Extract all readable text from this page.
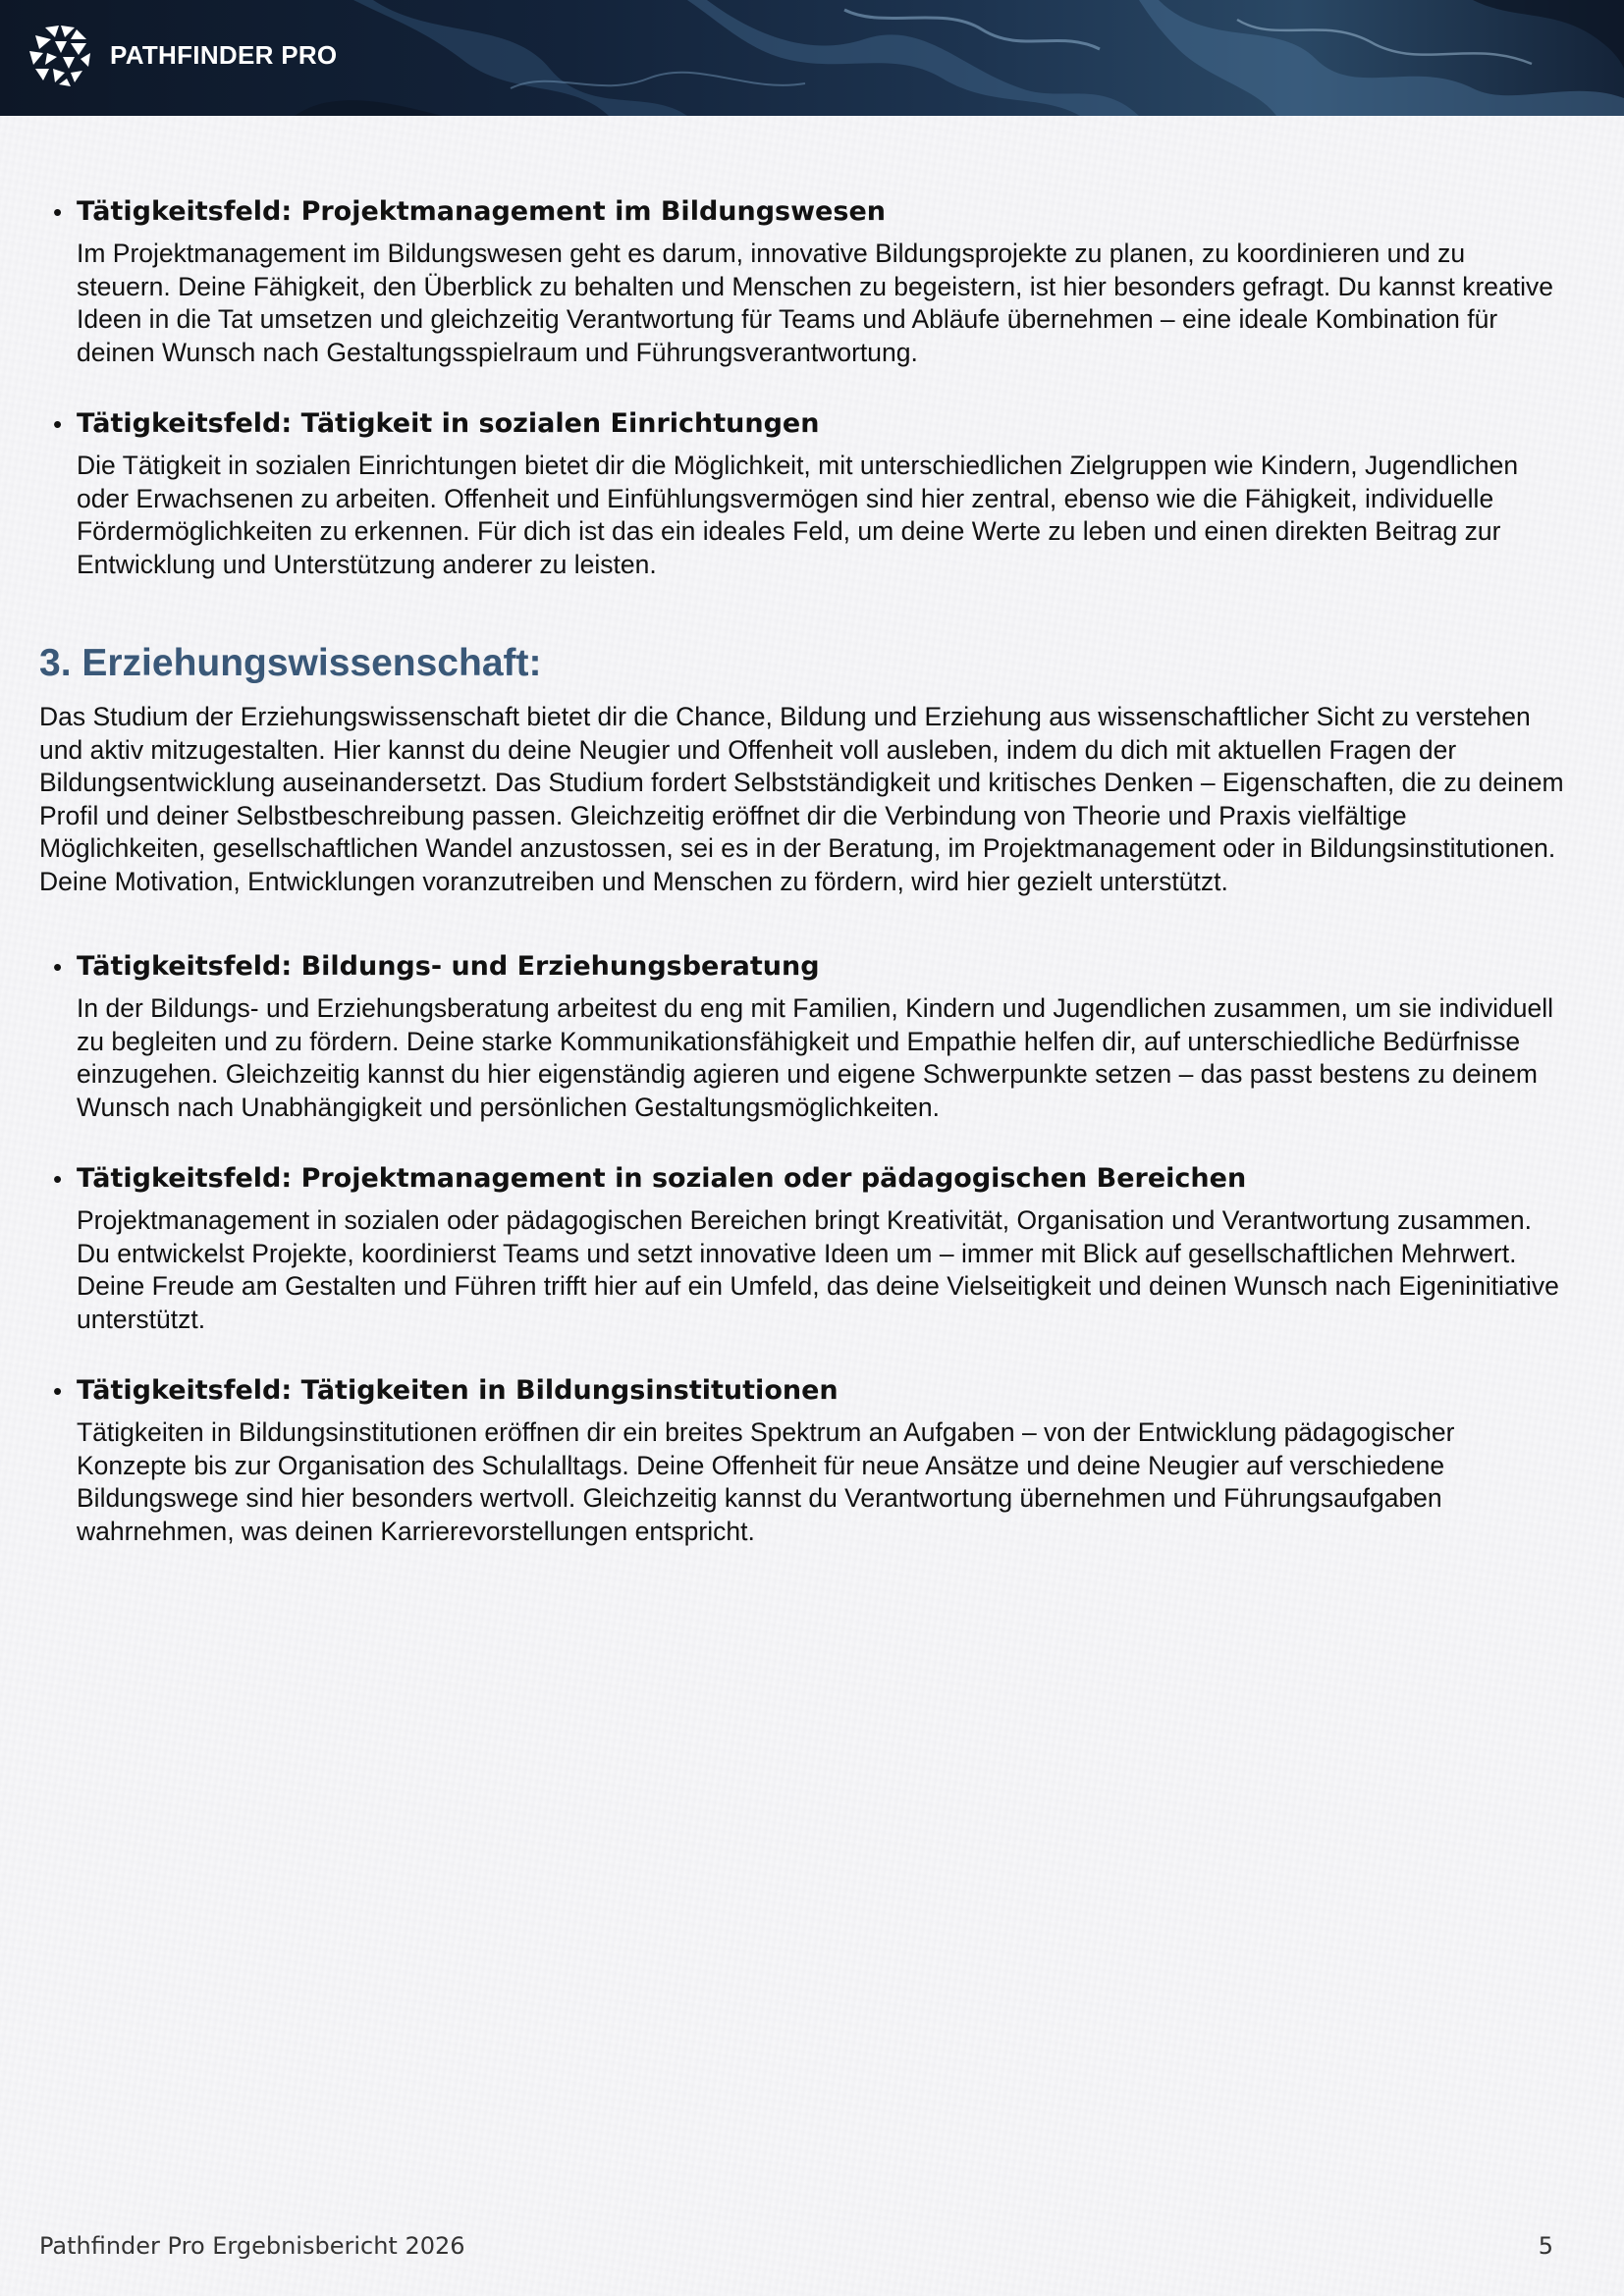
PATHFINDER PRO
• Tätigkeitsfeld: Projektmanagement im Bildungswesen

Im Projektmanagement im Bildungswesen geht es darum, innovative Bildungsprojekte zu planen, zu koordinieren und zu steuern. Deine Fähigkeit, den Überblick zu behalten und Menschen zu begeistern, ist hier besonders gefragt. Du kannst kreative Ideen in die Tat umsetzen und gleichzeitig Verantwortung für Teams und Abläufe übernehmen – eine ideale Kombination für deinen Wunsch nach Gestaltungsspielraum und Führungsverantwortung.

• Tätigkeitsfeld: Tätigkeit in sozialen Einrichtungen

Die Tätigkeit in sozialen Einrichtungen bietet dir die Möglichkeit, mit unterschiedlichen Zielgruppen wie Kindern, Jugendlichen oder Erwachsenen zu arbeiten. Offenheit und Einfühlungsvermögen sind hier zentral, ebenso wie die Fähigkeit, individuelle Fördermöglichkeiten zu erkennen. Für dich ist das ein ideales Feld, um deine Werte zu leben und einen direkten Beitrag zur Entwicklung und Unterstützung anderer zu leisten.

3. Erziehungswissenschaft:

Das Studium der Erziehungswissenschaft bietet dir die Chance, Bildung und Erziehung aus wissenschaftlicher Sicht zu verstehen und aktiv mitzugestalten. Hier kannst du deine Neugier und Offenheit voll ausleben, indem du dich mit aktuellen Fragen der Bildungsentwicklung auseinandersetzt. Das Studium fordert Selbstständigkeit und kritisches Denken – Eigenschaften, die zu deinem Profil und deiner Selbstbeschreibung passen. Gleichzeitig eröffnet dir die Verbindung von Theorie und Praxis vielfältige Möglichkeiten, gesellschaftlichen Wandel anzustossen, sei es in der Beratung, im Projektmanagement oder in Bildungsinstitutionen. Deine Motivation, Entwicklungen voranzutreiben und Menschen zu fördern, wird hier gezielt unterstützt.

• Tätigkeitsfeld: Bildungs- und Erziehungsberatung

In der Bildungs- und Erziehungsberatung arbeitest du eng mit Familien, Kindern und Jugendlichen zusammen, um sie individuell zu begleiten und zu fördern. Deine starke Kommunikationsfähigkeit und Empathie helfen dir, auf unterschiedliche Bedürfnisse einzugehen. Gleichzeitig kannst du hier eigenständig agieren und eigene Schwerpunkte setzen – das passt bestens zu deinem Wunsch nach Unabhängigkeit und persönlichen Gestaltungsmöglichkeiten.

• Tätigkeitsfeld: Projektmanagement in sozialen oder pädagogischen Bereichen

Projektmanagement in sozialen oder pädagogischen Bereichen bringt Kreativität, Organisation und Verantwortung zusammen. Du entwickelst Projekte, koordinierst Teams und setzt innovative Ideen um – immer mit Blick auf gesellschaftlichen Mehrwert. Deine Freude am Gestalten und Führen trifft hier auf ein Umfeld, das deine Vielseitigkeit und deinen Wunsch nach Eigeninitiative unterstützt.

• Tätigkeitsfeld: Tätigkeiten in Bildungsinstitutionen

Tätigkeiten in Bildungsinstitutionen eröffnen dir ein breites Spektrum an Aufgaben – von der Entwicklung pädagogischer Konzepte bis zur Organisation des Schulalltags. Deine Offenheit für neue Ansätze und deine Neugier auf verschiedene Bildungswege sind hier besonders wertvoll. Gleichzeitig kannst du Verantwortung übernehmen und Führungsaufgaben wahrnehmen, was deinen Karrierevorstellungen entspricht.

Pathfinder Pro Ergebnisbericht 2026	5
